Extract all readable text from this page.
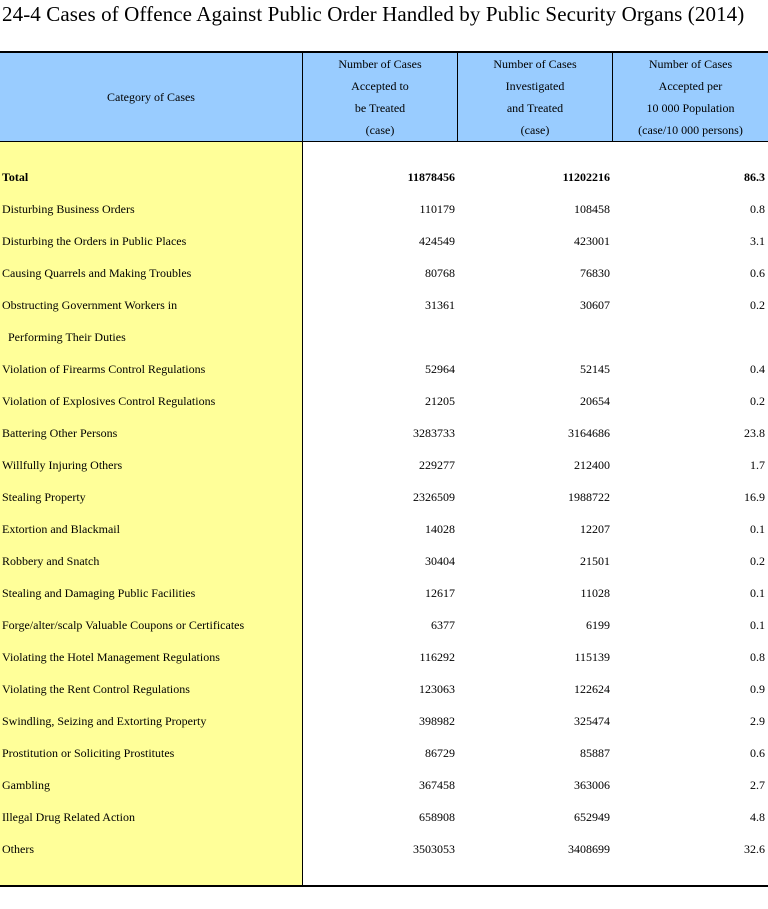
24-4 Cases of Offence Against Public Order Handled by Public Security Organs (2014)
Category of Cases
Number of Cases
Accepted to
be Treated
(case)
Number of Cases
Investigated
and Treated
(case)
Number of Cases
Accepted per
10 000 Population
(case/10 000 persons)
Total	11878456	11202216	86.3
Disturbing Business Orders	110179	108458	0.8
Disturbing the Orders in Public Places	424549	423001	3.1
Causing Quarrels and Making Troubles	80768	76830	0.6
Obstructing Government Workers in	31361	30607	0.2
Performing Their Duties
Violation of Firearms Control Regulations	52964	52145	0.4
Violation of Explosives Control Regulations	21205	20654	0.2
Battering Other Persons	3283733	3164686	23.8
Willfully Injuring Others	229277	212400	1.7
Stealing Property	2326509	1988722	16.9
Extortion and Blackmail	14028	12207	0.1
Robbery and Snatch	30404	21501	0.2
Stealing and Damaging Public Facilities	12617	11028	0.1
Forge/alter/scalp Valuable Coupons or Certificates	6377	6199	0.1
Violating the Hotel Management Regulations	116292	115139	0.8
Violating the Rent Control Regulations	123063	122624	0.9
Swindling, Seizing and Extorting Property	398982	325474	2.9
Prostitution or Soliciting Prostitutes	86729	85887	0.6
Gambling	367458	363006	2.7
Illegal Drug Related Action	658908	652949	4.8
Others	3503053	3408699	32.6
